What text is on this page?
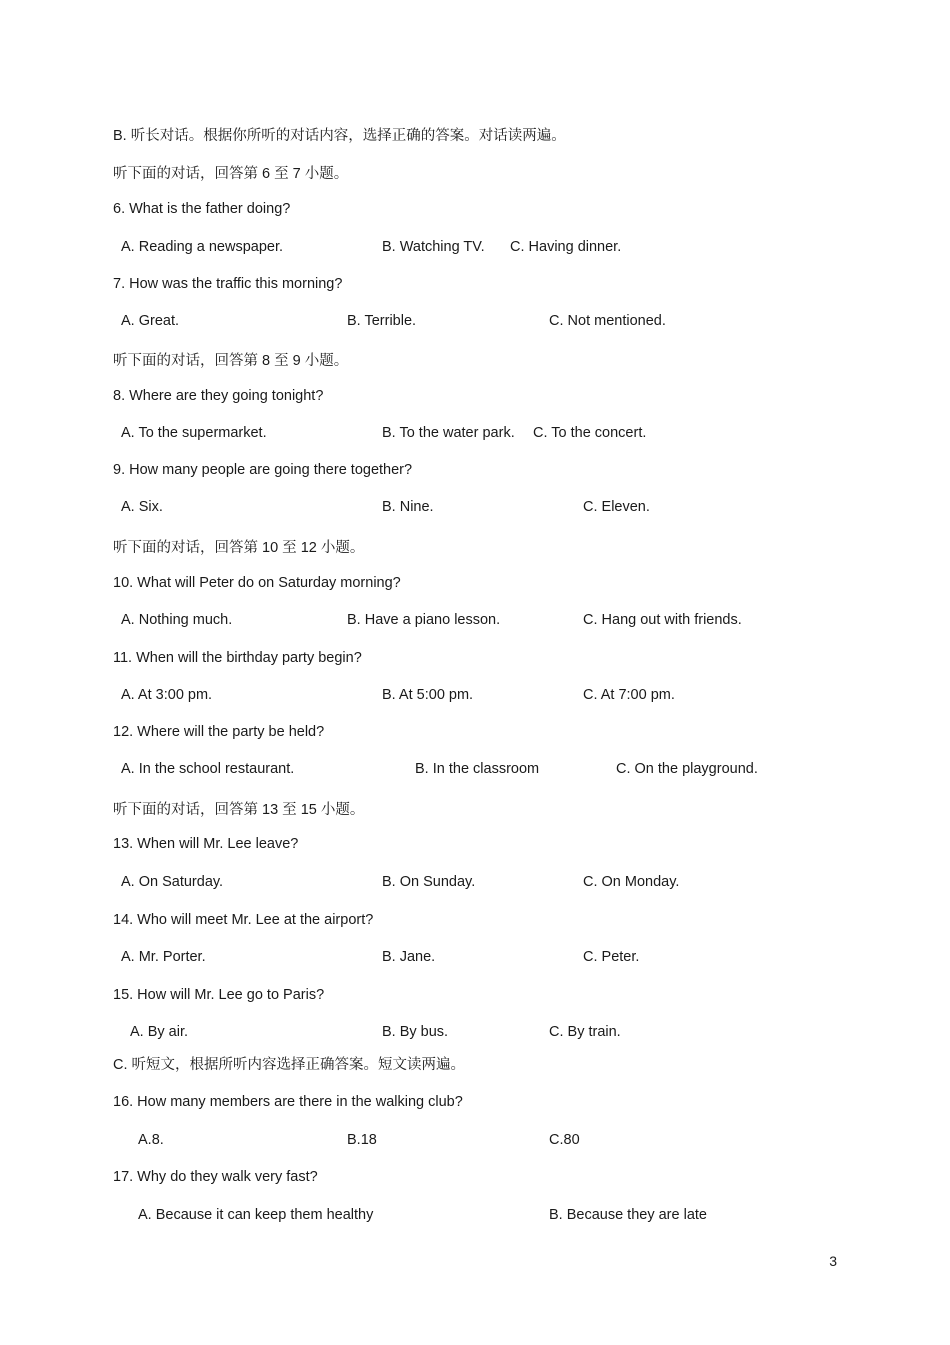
B. 听长对话。根据你所听的对话内容，选择正确的答案。对话读两遍。
听下面的对话，回答第 6 至 7 小题。
6. What is the father doing?
A. Reading a newspaper.	B. Watching TV. C. Having dinner.
7. How was the traffic this morning?
A. Great.	B. Terrible.	C. Not mentioned.
听下面的对话，回答第 8 至 9 小题。
8. Where are they going tonight?
A. To the supermarket.	B. To the water park. C. To the concert.
9. How many people are going there together?
A. Six.	B. Nine.	C. Eleven.
听下面的对话，回答第 10 至 12 小题。
10. What will Peter do on Saturday morning?
A. Nothing much.	B. Have a piano lesson.	C. Hang out with friends.
11. When will the birthday party begin?
A. At 3:00 pm.	B. At 5:00 pm.	C. At 7:00 pm.
12. Where will the party be held?
A. In the school restaurant.	B. In the classroom	C. On the playground.
听下面的对话，回答第 13 至 15 小题。
13. When will Mr. Lee leave?
A. On Saturday.	B. On Sunday.	C. On Monday.
14. Who will meet Mr. Lee at the airport?
A. Mr. Porter.	B. Jane.	C. Peter.
15. How will Mr. Lee go to Paris?
A. By air.	B. By bus.	C. By train.
C. 听短文，根据所听内容选择正确答案。短文读两遍。
16. How many members are there in the walking club?
A.8.	B.18	C.80
17. Why do they walk very fast?
A. Because it can keep them healthy	B. Because they are late
3
